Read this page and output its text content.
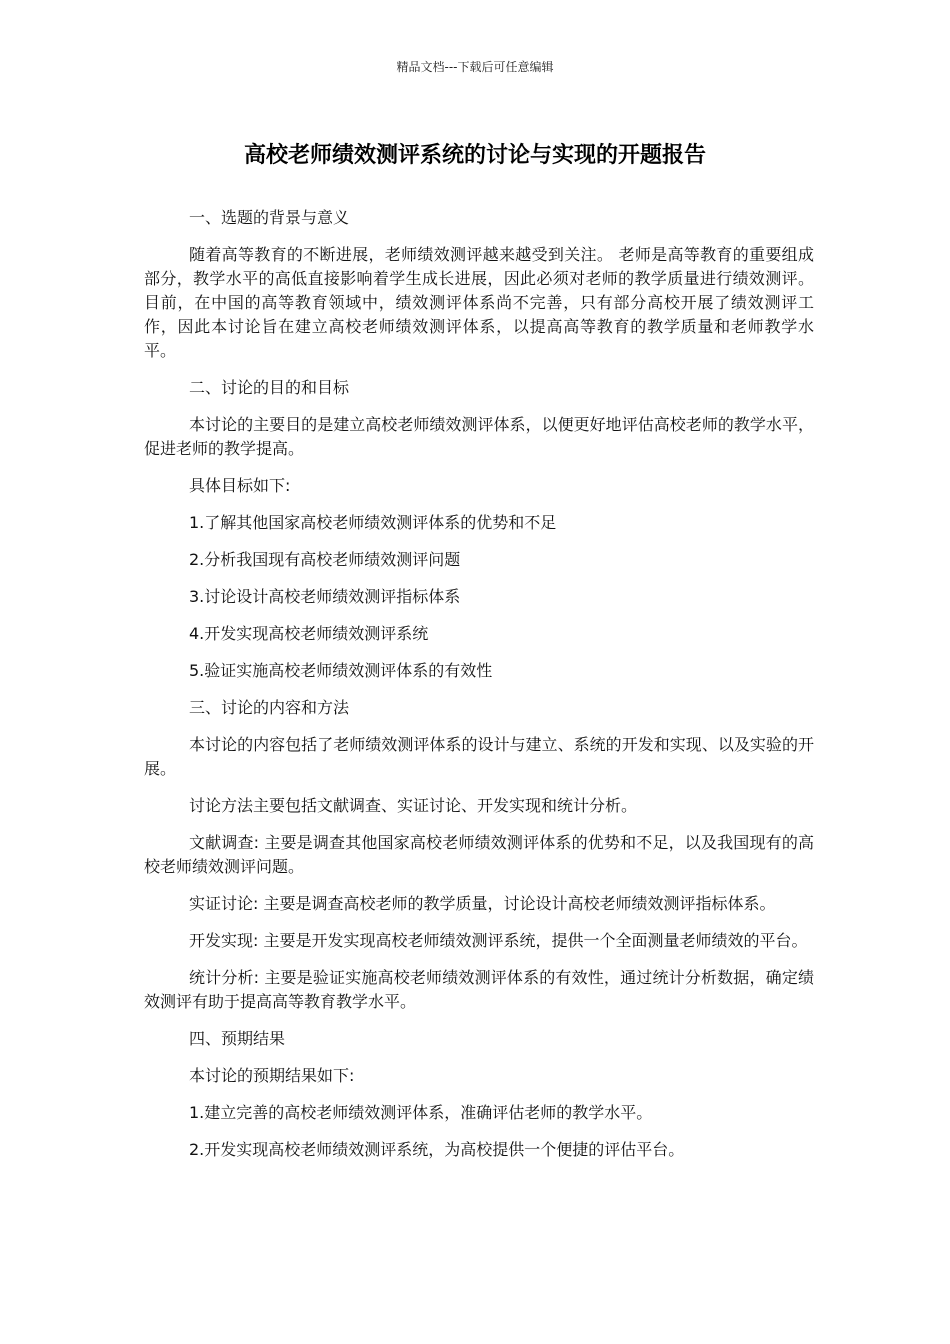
精品文档---下载后可任意编辑
高校老师绩效测评系统的讨论与实现的开题报告

一、选题的背景与意义

随着高等教育的不断进展，老师绩效测评越来越受到关注。 老师是高等教育的重要组成部分，教学水平的高低直接影响着学生成长进展，因此必须对老师的教学质量进行绩效测评。 目前，在中国的高等教育领域中，绩效测评体系尚不完善，只有部分高校开展了绩效测评工作，因此本讨论旨在建立高校老师绩效测评体系，以提高高等教育的教学质量和老师教学水平。

二、讨论的目的和目标

本讨论的主要目的是建立高校老师绩效测评体系，以便更好地评估高校老师的教学水平，促进老师的教学提高。

具体目标如下:

1.了解其他国家高校老师绩效测评体系的优势和不足

2.分析我国现有高校老师绩效测评问题

3.讨论设计高校老师绩效测评指标体系

4.开发实现高校老师绩效测评系统

5.验证实施高校老师绩效测评体系的有效性

三、讨论的内容和方法

本讨论的内容包括了老师绩效测评体系的设计与建立、系统的开发和实现、以及实验的开展。

讨论方法主要包括文献调查、实证讨论、开发实现和统计分析。

文献调查: 主要是调查其他国家高校老师绩效测评体系的优势和不足，以及我国现有的高校老师绩效测评问题。

实证讨论: 主要是调查高校老师的教学质量，讨论设计高校老师绩效测评指标体系。

开发实现: 主要是开发实现高校老师绩效测评系统，提供一个全面测量老师绩效的平台。

统计分析: 主要是验证实施高校老师绩效测评体系的有效性，通过统计分析数据，确定绩效测评有助于提高高等教育教学水平。

四、预期结果

本讨论的预期结果如下:

1.建立完善的高校老师绩效测评体系，准确评估老师的教学水平。

2.开发实现高校老师绩效测评系统，为高校提供一个便捷的评估平台。
